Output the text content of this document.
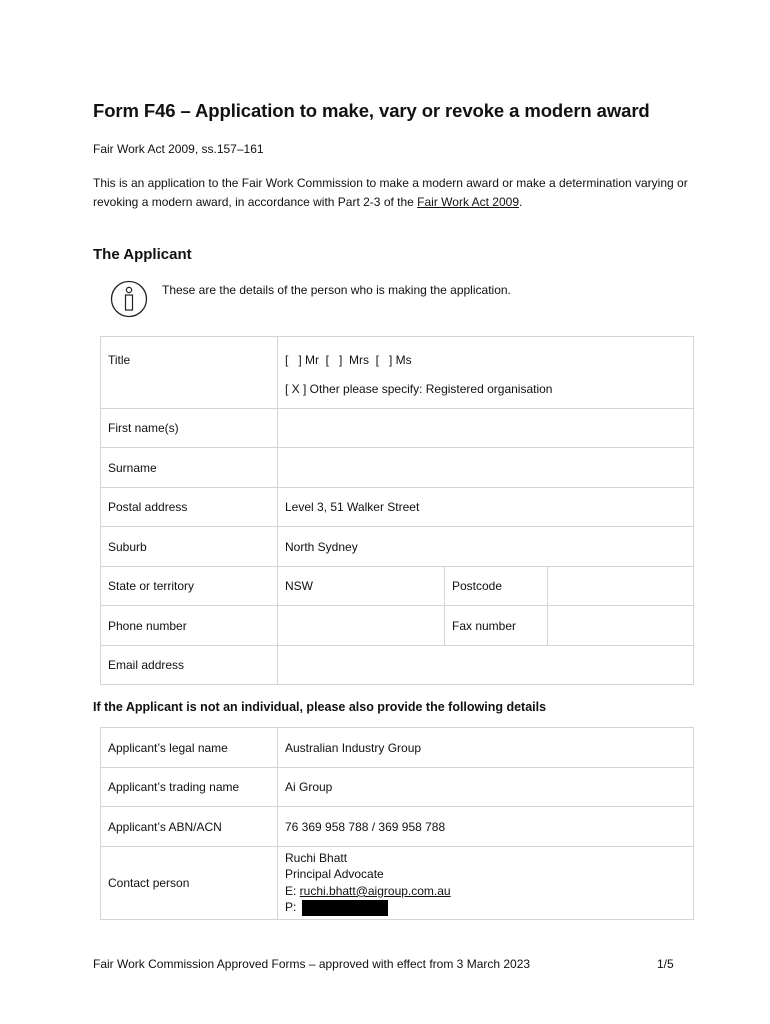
Form F46 – Application to make, vary or revoke a modern award
Fair Work Act 2009, ss.157–161
This is an application to the Fair Work Commission to make a modern award or make a determination varying or revoking a modern award, in accordance with Part 2-3 of the Fair Work Act 2009.
The Applicant
These are the details of the person who is making the application.
Title	[   ] Mr  [   ]  Mrs  [   ] Ms
[ X ] Other please specify: Registered organisation		

First name(s)			
Surname			
Postal address	Level 3, 51 Walker Street		
Suburb	North Sydney		
State or territory	NSW	Postcode	
Phone number		Fax number	
Email address			
If the Applicant is not an individual, please also provide the following details
Applicant’s legal name	Australian Industry Group
Applicant’s trading name	Ai Group
Applicant’s ABN/ACN	76 369 958 788 / 369 958 788
Contact person	Ruchi Bhatt
Principal Advocate
E: ruchi.bhatt@aigroup.com.au
P:
Fair Work Commission Approved Forms – approved with effect from 3 March 2023	1/5
